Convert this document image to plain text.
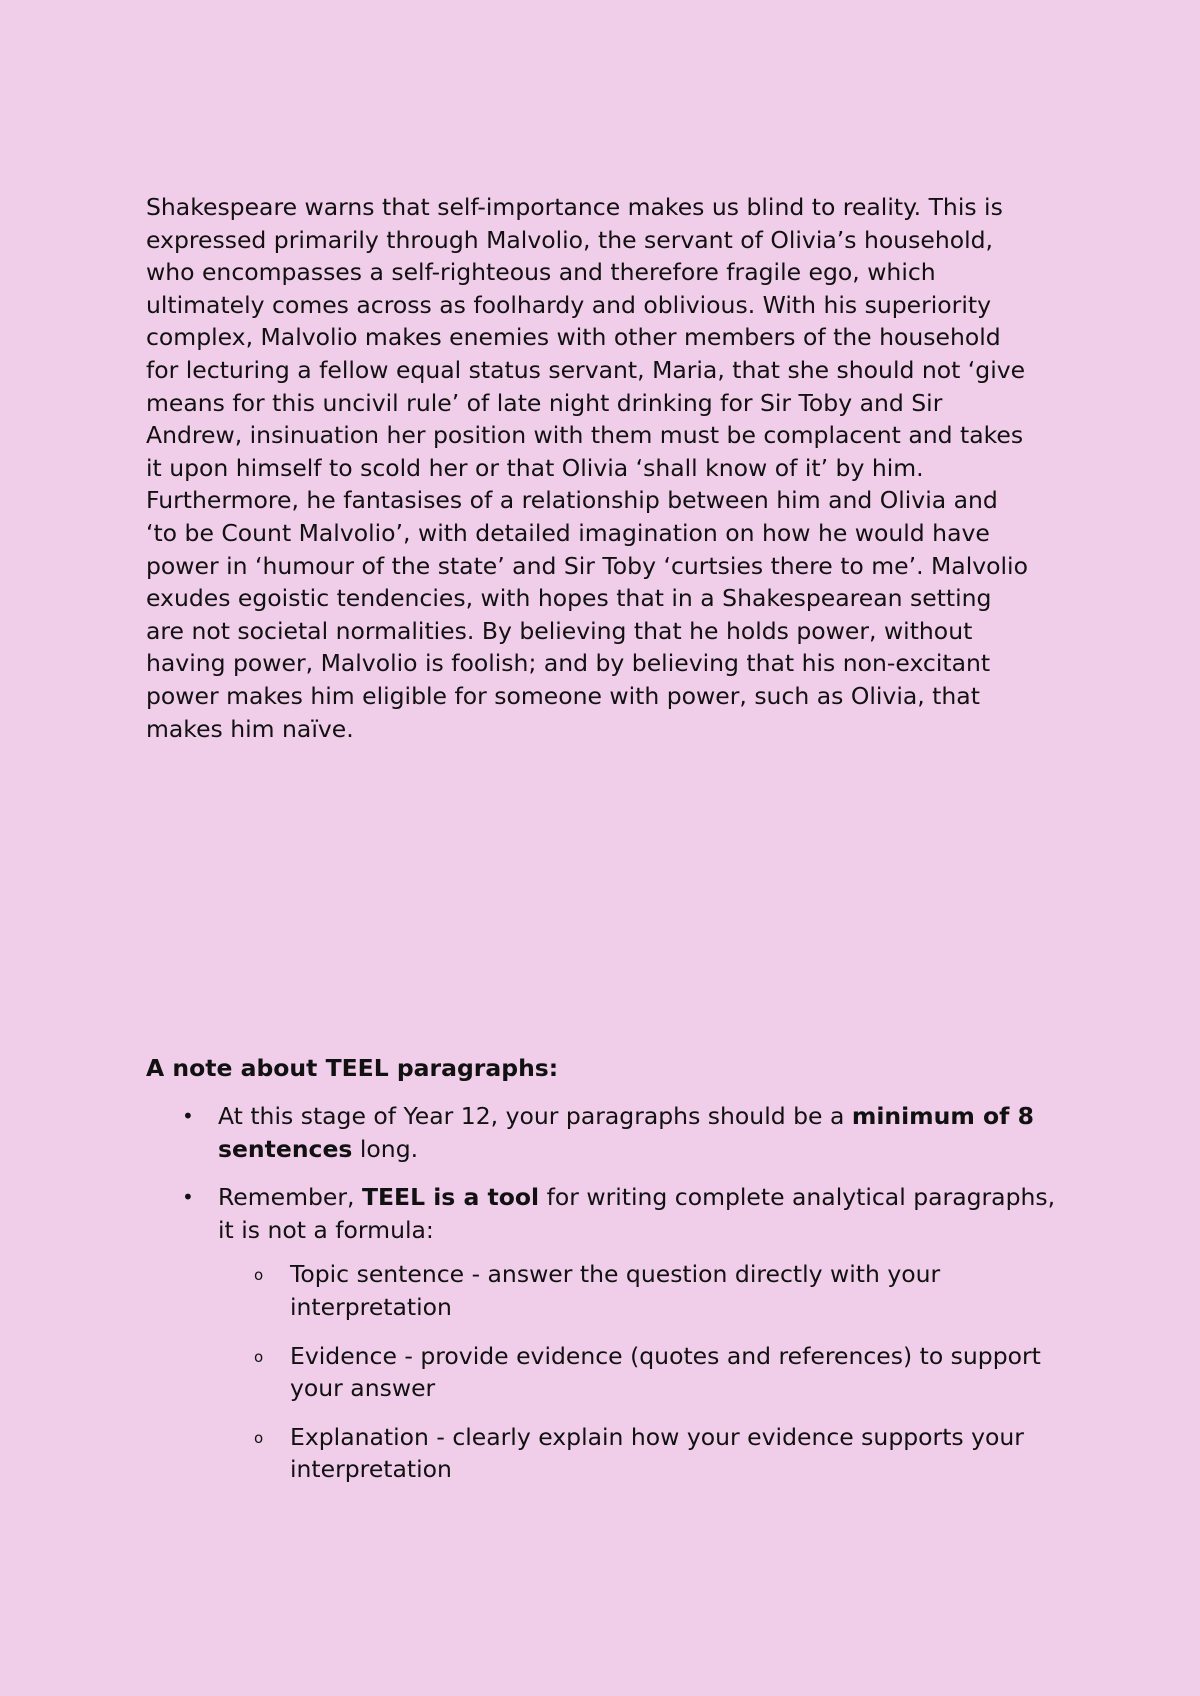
Shakespeare warns that self-importance makes us blind to reality. This is
expressed primarily through Malvolio, the servant of Olivia’s household,
who encompasses a self-righteous and therefore fragile ego, which
ultimately comes across as foolhardy and oblivious. With his superiority
complex, Malvolio makes enemies with other members of the household
for lecturing a fellow equal status servant, Maria, that she should not ‘give
means for this uncivil rule’ of late night drinking for Sir Toby and Sir
Andrew, insinuation her position with them must be complacent and takes
it upon himself to scold her or that Olivia ‘shall know of it’ by him.
Furthermore, he fantasises of a relationship between him and Olivia and
‘to be Count Malvolio’, with detailed imagination on how he would have
power in ‘humour of the state’ and Sir Toby ‘curtsies there to me’. Malvolio
exudes egoistic tendencies, with hopes that in a Shakespearean setting
are not societal normalities. By believing that he holds power, without
having power, Malvolio is foolish; and by believing that his non-excitant
power makes him eligible for someone with power, such as Olivia, that
makes him naïve.

A note about TEEL paragraphs:

• At this stage of Year 12, your paragraphs should be a minimum of 8 sentences long.
• Remember, TEEL is a tool for writing complete analytical paragraphs, it is not a formula:
o Topic sentence - answer the question directly with your interpretation
o Evidence - provide evidence (quotes and references) to support your answer
o Explanation - clearly explain how your evidence supports your interpretation
